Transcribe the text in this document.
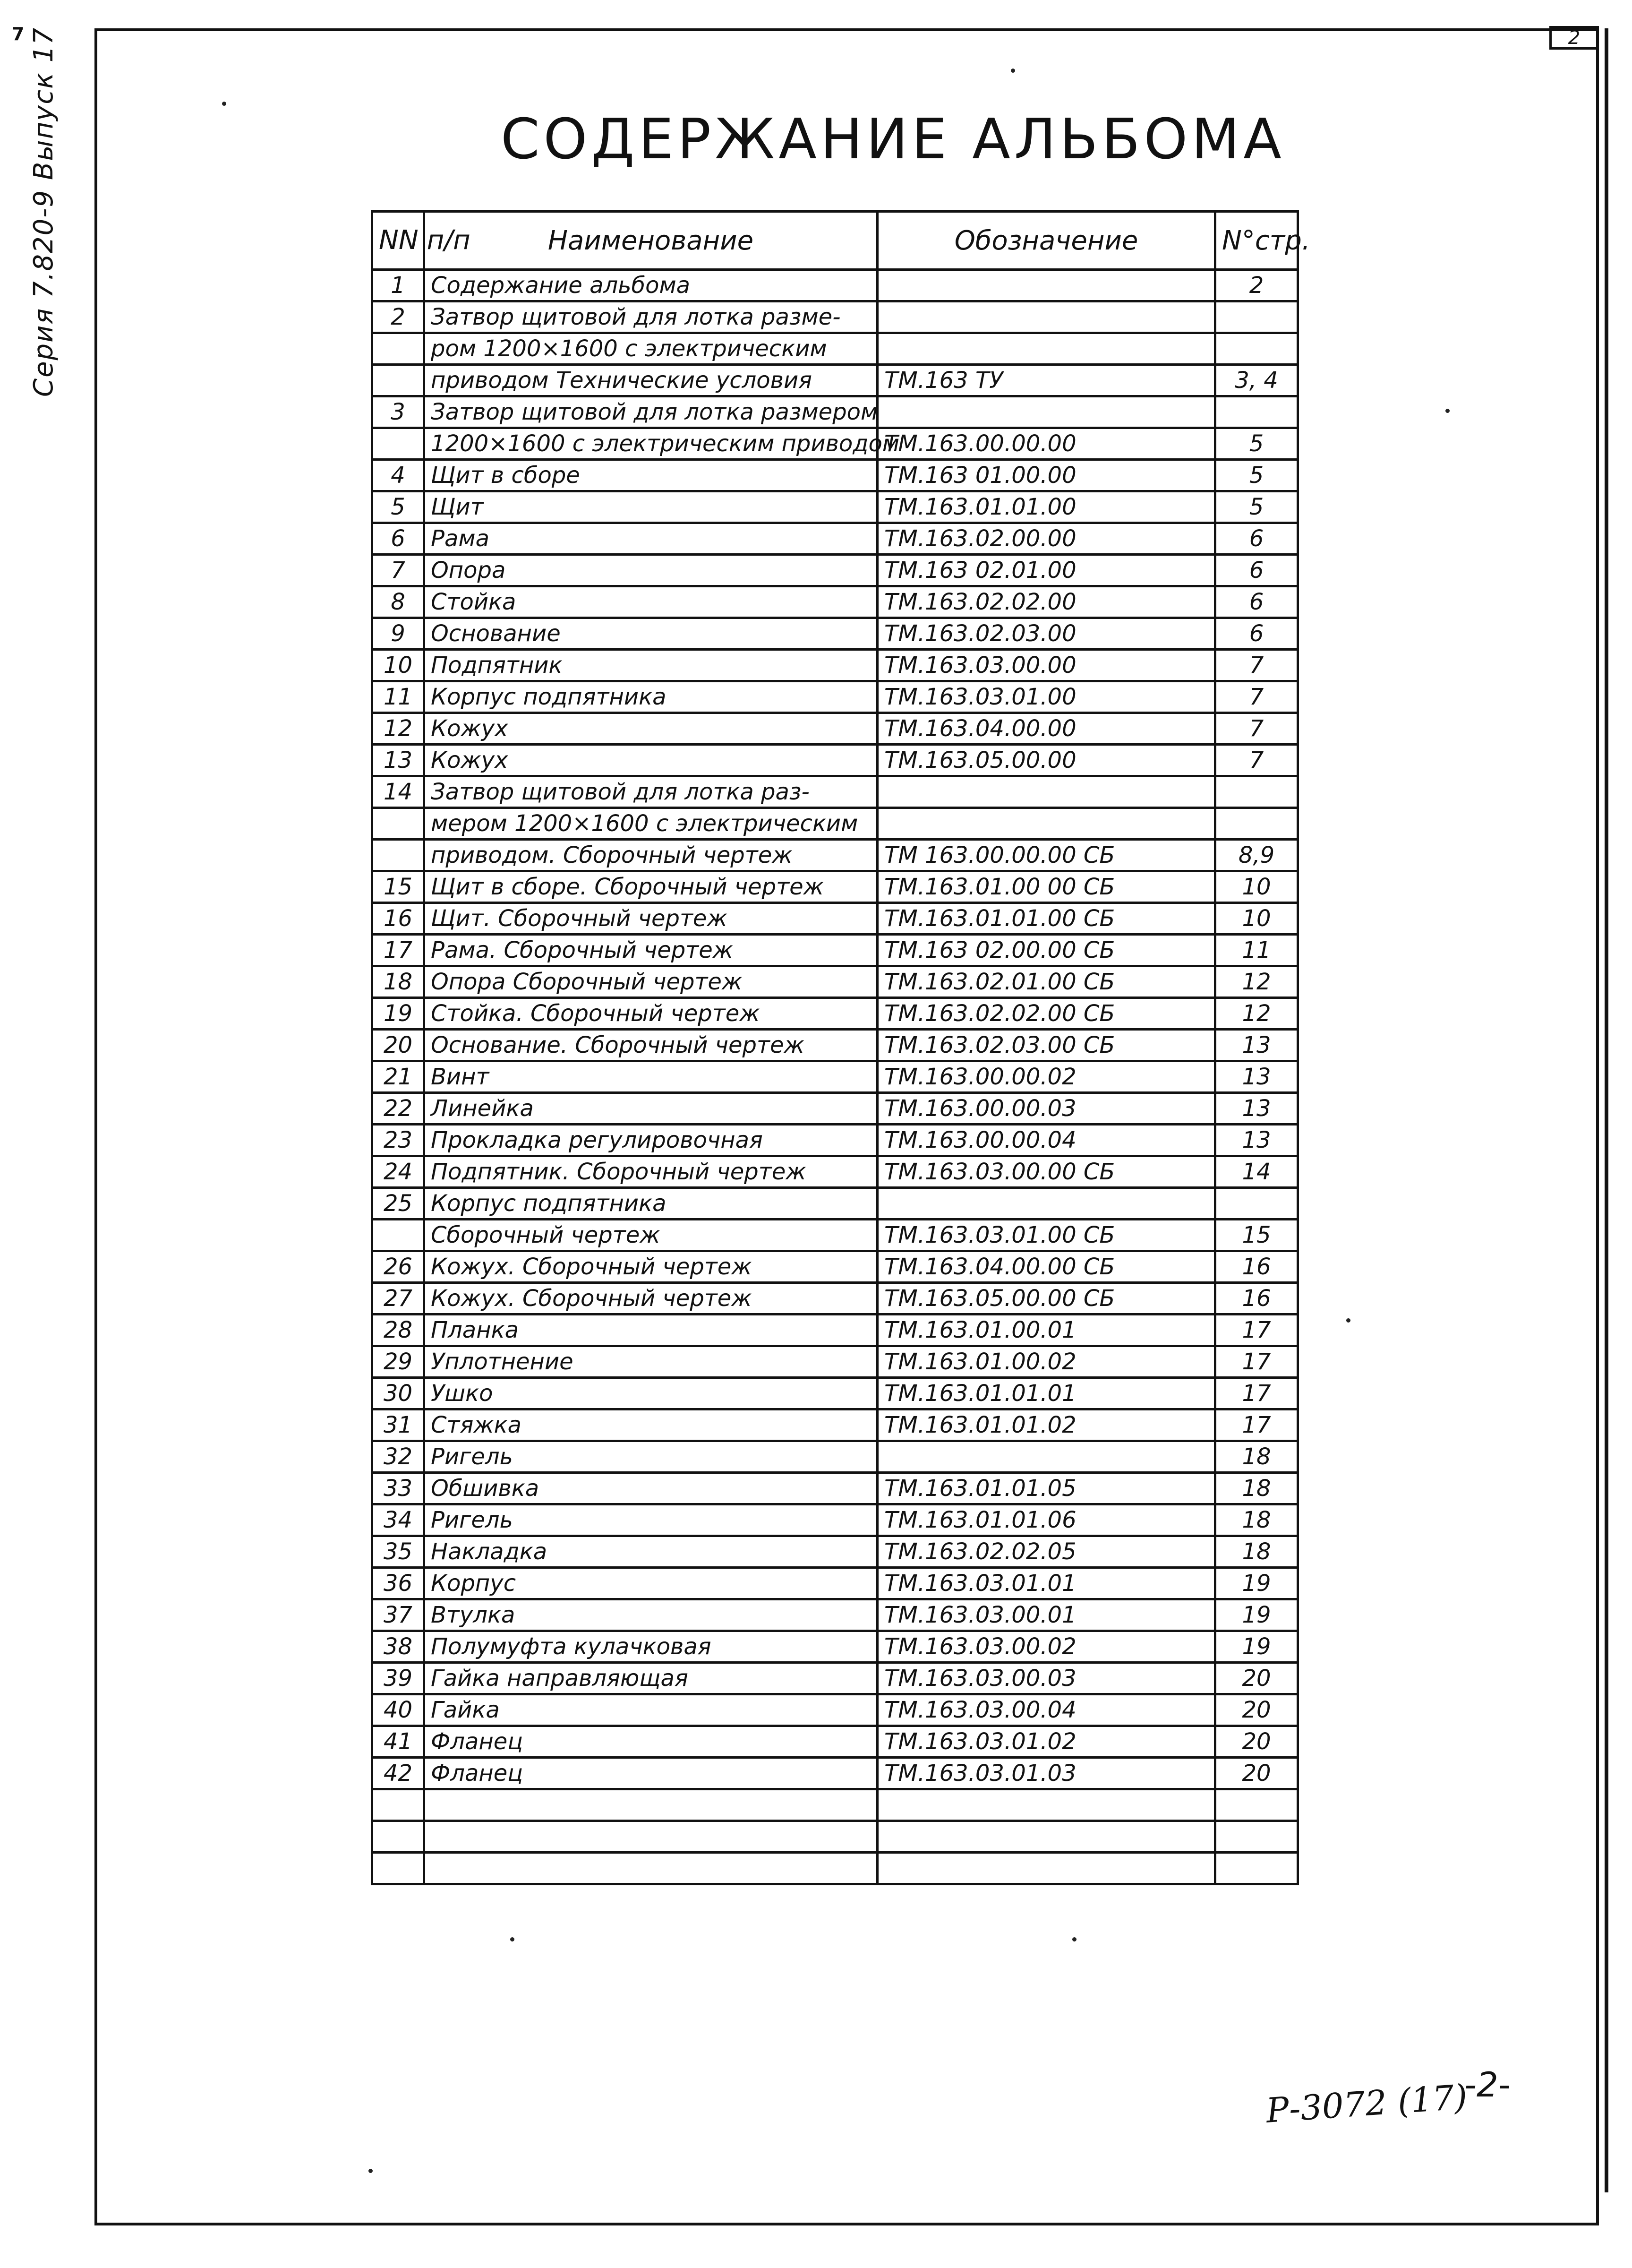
2
7 Серия 7.820-9 Выпуск 17	СОДЕРЖАНИЕ АЛЬБОМА
NN п/п	Наименование	Обозначение	N°стр.
1	Содержание альбома		2
2	Затвор щитовой для лотка разме-		
	ром 1200×1600 с электрическим		
	приводом Технические условия	ТМ.163 ТУ	3, 4
3	Затвор щитовой для лотка размером		
	1200×1600 с электрическим приводом	ТМ.163.00.00.00	5
4	Щит в сборе	ТМ.163 01.00.00	5
5	Щит	ТМ.163.01.01.00	5
6	Рама	ТМ.163.02.00.00	6
7	Опора	ТМ.163 02.01.00	6
8	Стойка	ТМ.163.02.02.00	6
9	Основание	ТМ.163.02.03.00	6
10	Подпятник	ТМ.163.03.00.00	7
11	Корпус подпятника	ТМ.163.03.01.00	7
12	Кожух	ТМ.163.04.00.00	7
13	Кожух	ТМ.163.05.00.00	7
14	Затвор щитовой для лотка раз-		
	мером 1200×1600 с электрическим		
	приводом. Сборочный чертеж	ТМ 163.00.00.00 СБ	8,9
15	Щит в сборе. Сборочный чертеж	ТМ.163.01.00 00 СБ	10
16	Щит. Сборочный чертеж	ТМ.163.01.01.00 СБ	10
17	Рама. Сборочный чертеж	ТМ.163 02.00.00 СБ	11
18	Опора Сборочный чертеж	ТМ.163.02.01.00 СБ	12
19	Стойка. Сборочный чертеж	ТМ.163.02.02.00 СБ	12
20	Основание. Сборочный чертеж	ТМ.163.02.03.00 СБ	13
21	Винт	ТМ.163.00.00.02	13
22	Линейка	ТМ.163.00.00.03	13
23	Прокладка регулировочная	ТМ.163.00.00.04	13
24	Подпятник. Сборочный чертеж	ТМ.163.03.00.00 СБ	14
25	Корпус подпятника		
	Сборочный чертеж	ТМ.163.03.01.00 СБ	15
26	Кожух. Сборочный чертеж	ТМ.163.04.00.00 СБ	16
27	Кожух. Сборочный чертеж	ТМ.163.05.00.00 СБ	16
28	Планка	ТМ.163.01.00.01	17
29	Уплотнение	ТМ.163.01.00.02	17
30	Ушко	ТМ.163.01.01.01	17
31	Стяжка	ТМ.163.01.01.02	17
32	Ригель		18
33	Обшивка	ТМ.163.01.01.05	18
34	Ригель	ТМ.163.01.01.06	18
35	Накладка	ТМ.163.02.02.05	18
36	Корпус	ТМ.163.03.01.01	19
37	Втулка	ТМ.163.03.00.01	19
38	Полумуфта кулачковая	ТМ.163.03.00.02	19
39	Гайка направляющая	ТМ.163.03.00.03	20
40	Гайка	ТМ.163.03.00.04	20
41	Фланец	ТМ.163.03.01.02	20
42	Фланец	ТМ.163.03.01.03	20

Р-3072 (17)
-2-
